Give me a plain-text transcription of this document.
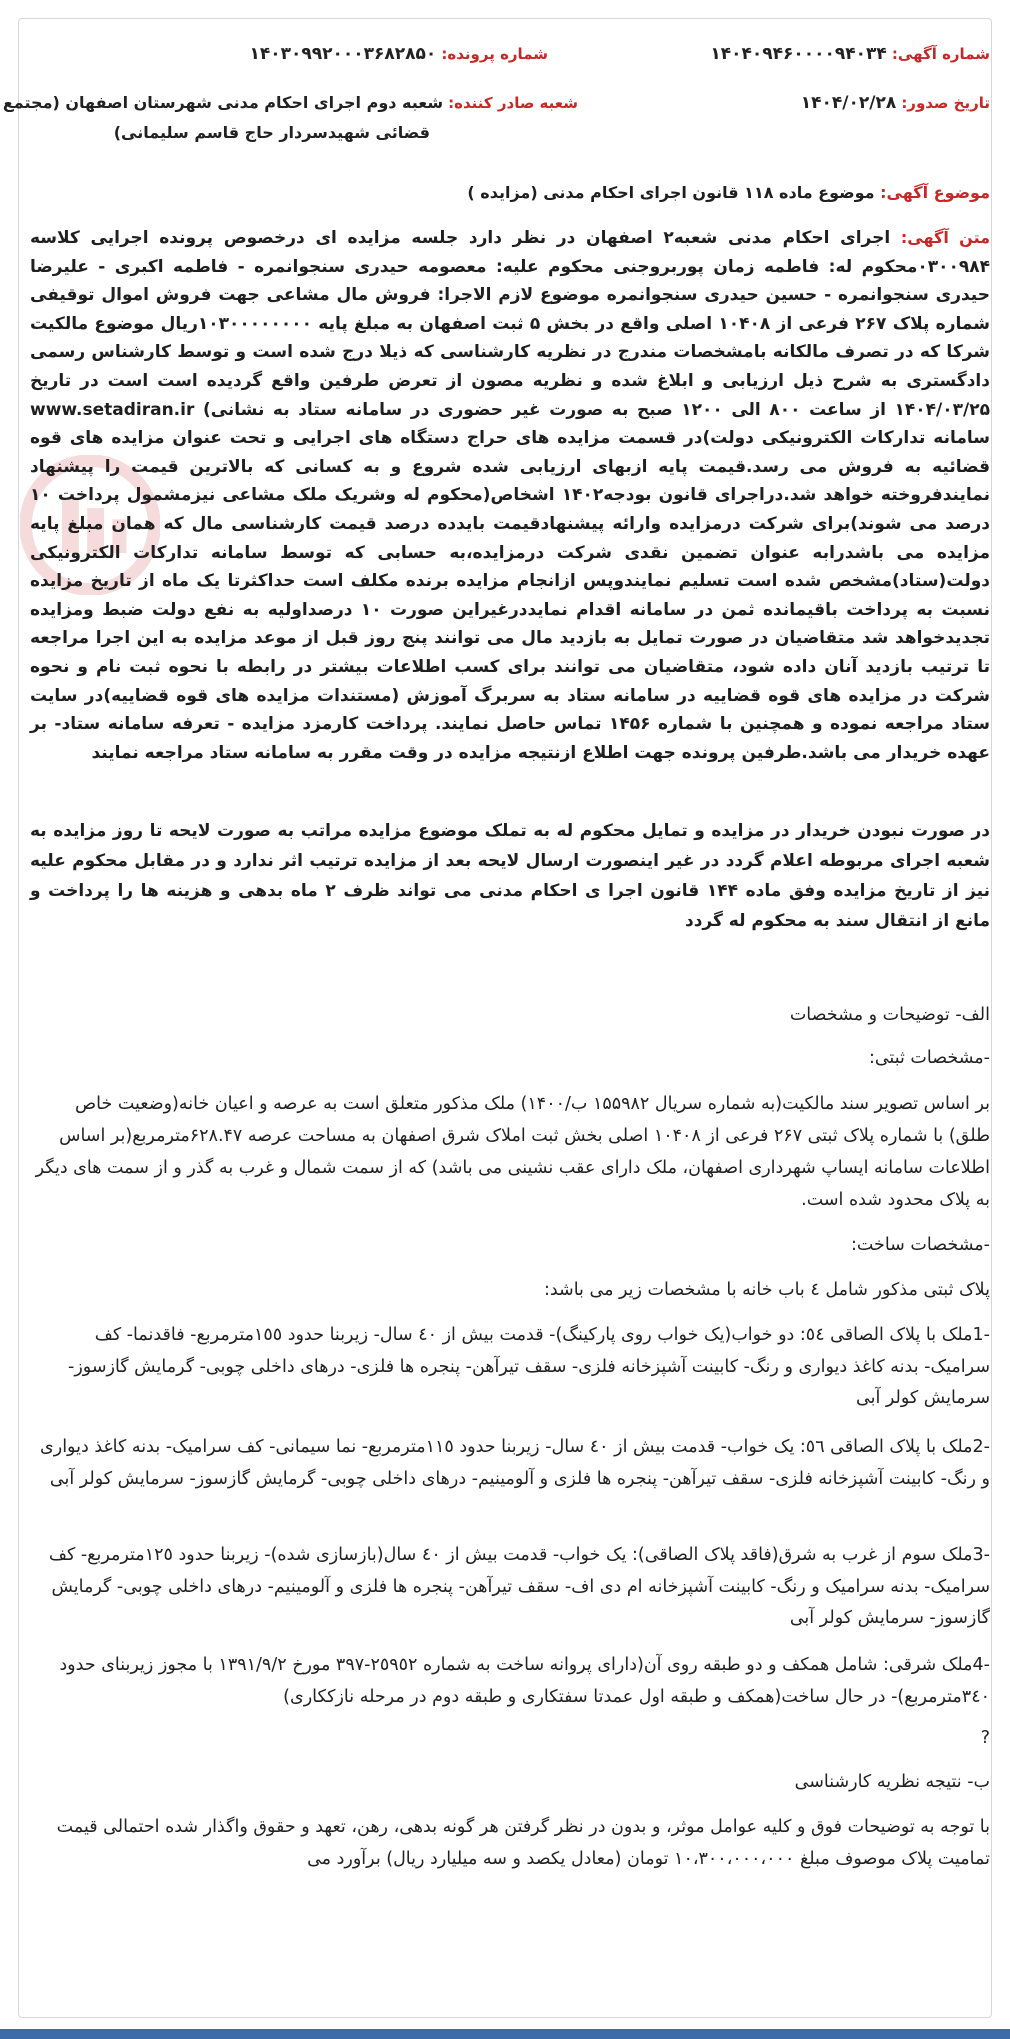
شماره آگهی: ۱۴۰۴۰۹۴۶۰۰۰۰۹۴۰۳۴
شماره پرونده: ۱۴۰۳۰۹۹۲۰۰۰۳۶۸۲۸۵۰
تاریخ صدور: ۱۴۰۴/۰۲/۲۸
شعبه صادر کننده: شعبه دوم اجرای احکام مدنی شهرستان اصفهان (مجتمع
قضائی شهیدسردار حاج قاسم سلیمانی)
موضوع آگهی: موضوع ماده ۱۱۸ قانون اجرای احکام مدنی (مزایده )
متن آگهی: اجرای احکام مدنی شعبه۲ اصفهان در نظر دارد جلسه مزایده ای درخصوص پرونده اجرایی کلاسه ۰۳۰۰۹۸۴محکوم له: فاطمه زمان پوربروجنی محکوم علیه: معصومه حیدری سنجوانمره - فاطمه اکبری - علیرضا حیدری سنجوانمره - حسین حیدری سنجوانمره موضوع لازم الاجرا: فروش مال مشاعی جهت فروش اموال توقیفی شماره پلاک ۲۶۷ فرعی از ۱۰۴۰۸ اصلی واقع در بخش ۵ ثبت اصفهان به مبلغ پایه ۱۰۳۰۰۰۰۰۰۰۰ریال موضوع مالکیت شرکا که در تصرف مالکانه بامشخصات مندرج در نظریه کارشناسی که ذیلا درج شده است و توسط کارشناس رسمی دادگستری به شرح ذیل ارزیابی و ابلاغ شده و نظریه مصون از تعرض طرفین واقع گردیده است است در تاریخ ۱۴۰۴/۰۳/۲۵ از ساعت ۸۰۰ الی ۱۲۰۰ صبح به صورت غیر حضوری در سامانه ستاد به نشانی) www.setadiran.ir سامانه تدارکات الکترونیکی دولت)در قسمت مزایده های حراج دستگاه های اجرایی و تحت عنوان مزایده های قوه قضائیه به فروش می رسد.قیمت پایه ازبهای ارزیابی شده شروع و به کسانی که بالاترین قیمت را پیشنهاد نمایندفروخته خواهد شد.دراجرای قانون بودجه۱۴۰۲ اشخاص(محکوم له وشریک ملک مشاعی نیزمشمول پرداخت ۱۰ درصد می شوند)برای شرکت درمزایده وارائه پیشنهادقیمت بایدده درصد قیمت کارشناسی مال که همان مبلغ پایه مزایده می باشدرابه عنوان تضمین نقدی شرکت درمزایده،به حسابی که توسط سامانه تدارکات الکترونیکی دولت(ستاد)مشخص شده است تسلیم نمایندوپس ازانجام مزایده برنده مکلف است حداکثرتا یک ماه از تاریخ مزایده نسبت به پرداخت باقیمانده ثمن در سامانه اقدام نمایددرغیراین صورت ۱۰ درصداولیه به نفع دولت ضبط ومزایده تجدیدخواهد شد متقاضیان در صورت تمایل به بازدید مال می توانند پنج روز قبل از موعد مزایده به این اجرا مراجعه تا ترتیب بازدید آنان داده شود، متقاضیان می توانند برای کسب اطلاعات بیشتر در رابطه با نحوه ثبت نام و نحوه شرکت در مزایده های قوه قضاییه در سامانه ستاد به سربرگ آموزش (مستندات مزایده های قوه قضاییه)در سایت ستاد مراجعه نموده و همچنین با شماره ۱۴۵۶ تماس حاصل نمایند. پرداخت کارمزد مزایده - تعرفه سامانه ستاد- بر عهده خریدار می باشد.طرفین پرونده جهت اطلاع ازنتیجه مزایده در وقت مقرر به سامانه ستاد مراجعه نمایند
در صورت نبودن خریدار در مزایده و تمایل محکوم له به تملک موضوع مزایده مراتب به صورت لایحه تا روز مزایده به شعبه اجرای مربوطه اعلام گردد در غیر اینصورت ارسال لایحه بعد از مزایده ترتیب اثر ندارد و در مقابل محکوم علیه نیز از تاریخ مزایده وفق ماده ۱۴۴ قانون اجرا ی احکام مدنی می تواند ظرف ۲ ماه بدهی و هزینه ها را پرداخت و مانع از انتقال سند به محکوم له گردد
الف- توضیحات و مشخصات
-مشخصات ثبتی:
بر اساس تصویر سند مالکیت(به شماره سریال ۱۵۵۹۸۲ ب/۱۴۰۰) ملک مذکور متعلق است به عرصه و اعیان خانه(وضعیت خاص طلق) با شماره پلاک ثبتی ۲۶۷ فرعی از ۱۰۴۰۸ اصلی بخش ثبت املاک شرق اصفهان به مساحت عرصه ۶۲۸.۴۷مترمربع(بر اساس اطلاعات سامانه ایساپ شهرداری اصفهان، ملک دارای عقب نشینی می باشد) که از سمت شمال و غرب به گذر و از سمت های دیگر به پلاک محدود شده است.
-مشخصات ساخت:
پلاک ثبتی مذکور شامل ٤ باب خانه با مشخصات زیر می باشد:
-1ملک با پلاک الصاقی ٥٤: دو خواب(یک خواب روی پارکینگ)- قدمت بیش از ٤٠ سال- زیربنا حدود ١٥٥مترمربع- فاقدنما- کف سرامیک- بدنه کاغذ دیواری و رنگ- کابینت آشپزخانه فلزی- سقف تیرآهن- پنجره ها فلزی- درهای داخلی چوبی- گرمایش گازسوز- سرمایش کولر آبی
-2ملک با پلاک الصاقی ٥٦: یک خواب- قدمت بیش از ٤٠ سال- زیربنا حدود ١١٥مترمربع- نما سیمانی- کف سرامیک- بدنه کاغذ دیواری و رنگ- کابینت آشپزخانه فلزی- سقف تیرآهن- پنجره ها فلزی و آلومینیم- درهای داخلی چوبی- گرمایش گازسوز- سرمایش کولر آبی
-3ملک سوم از غرب به شرق(فاقد پلاک الصاقی): یک خواب- قدمت بیش از ٤٠ سال(بازسازی شده)- زیربنا حدود ١٢٥مترمربع- کف سرامیک- بدنه سرامیک و رنگ- کابینت آشپزخانه ام دی اف- سقف تیرآهن- پنجره ها فلزی و آلومینیم- درهای داخلی چوبی- گرمایش گازسوز- سرمایش کولر آبی
-4ملک شرقی: شامل همکف و دو طبقه روی آن(دارای پروانه ساخت به شماره ٢٥٩٥٢-٣٩٧ مورخ ١٣٩١/٩/٢ با مجوز زیربنای حدود ٣٤٠مترمربع)- در حال ساخت(همکف و طبقه اول عمدتا سفتکاری و طبقه دوم در مرحله نازککاری)
?
ب- نتیجه نظریه کارشناسی
با توجه به توضیحات فوق و کلیه عوامل موثر، و بدون در نظر گرفتن هر گونه بدهی، رهن، تعهد و حقوق واگذار شده احتمالی قیمت تمامیت پلاک موصوف مبلغ ١٠،٣٠٠،٠٠٠،٠٠٠ تومان (معادل یکصد و سه میلیارد ریال) برآورد می
